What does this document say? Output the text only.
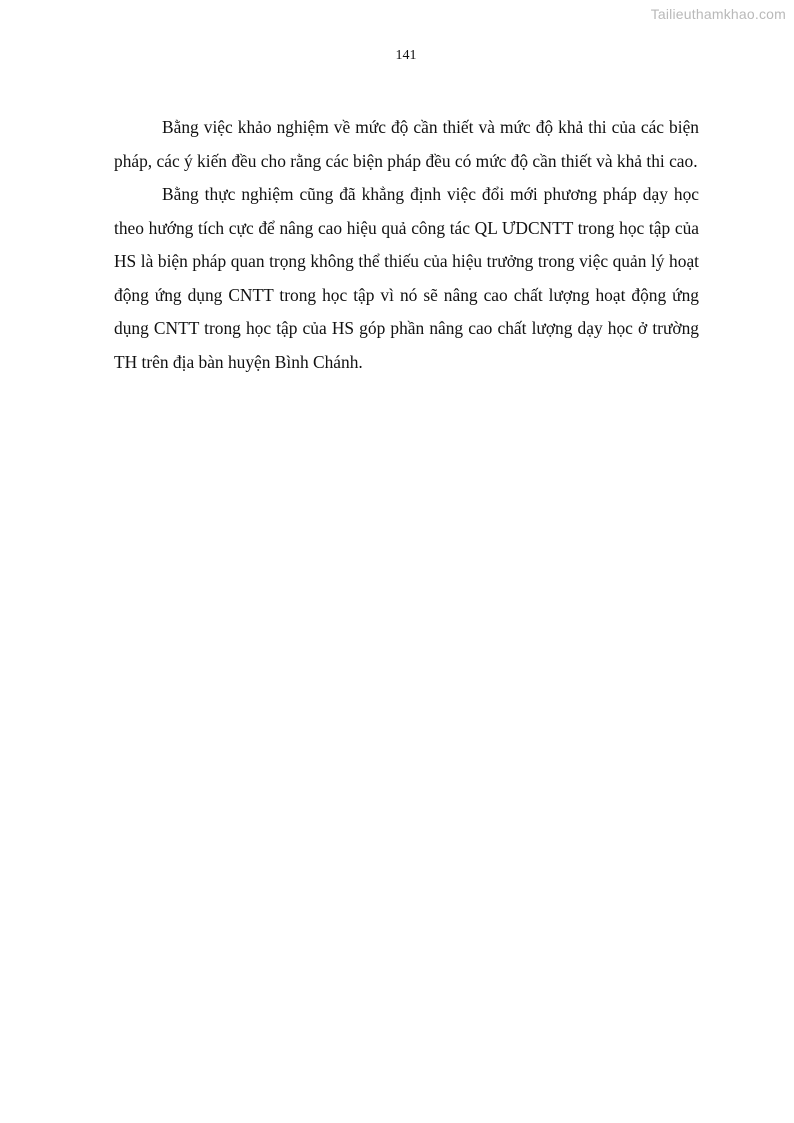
Tailieuthamkhao.com
141

Bằng việc khảo nghiệm về mức độ cần thiết và mức độ khả thi của các biện pháp, các ý kiến đều cho rằng các biện pháp đều có mức độ cần thiết và khả thi cao.

Bằng thực nghiệm cũng đã khẳng định việc đổi mới phương pháp dạy học theo hướng tích cực để nâng cao hiệu quả công tác QL ƯDCNTT trong học tập của HS là biện pháp quan trọng không thể thiếu của hiệu trưởng trong việc quản lý hoạt động ứng dụng CNTT trong học tập vì nó sẽ nâng cao chất lượng hoạt động ứng dụng CNTT trong học tập của HS góp phần nâng cao chất lượng dạy học ở trường TH trên địa bàn huyện Bình Chánh.
